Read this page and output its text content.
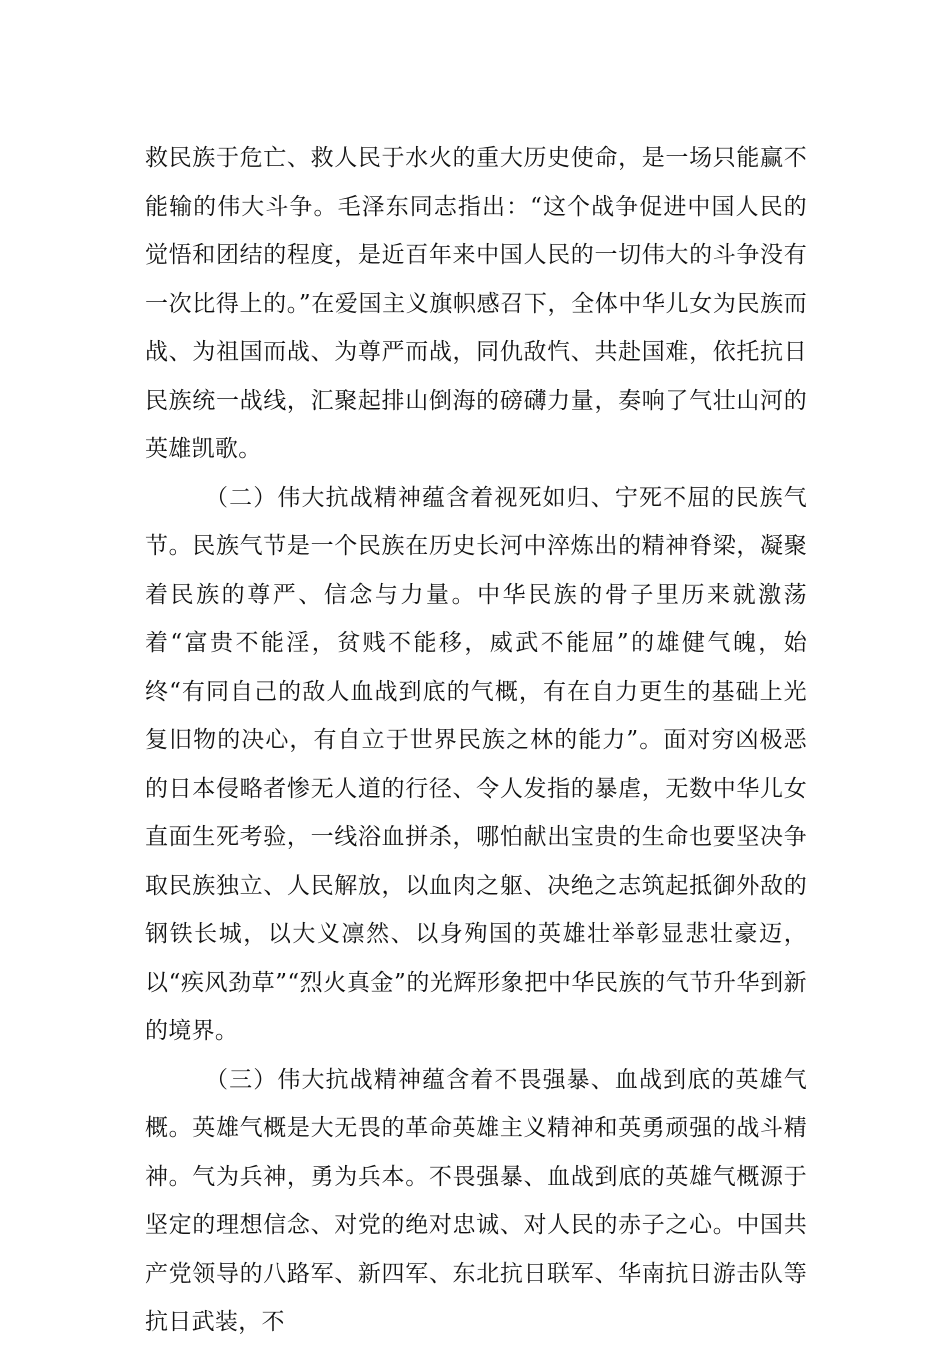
救民族于危亡、救人民于水火的重大历史使命，是一场只能赢不能输的伟大斗争。毛泽东同志指出：“这个战争促进中国人民的觉悟和团结的程度，是近百年来中国人民的一切伟大的斗争没有一次比得上的。”在爱国主义旗帜感召下，全体中华儿女为民族而战、为祖国而战、为尊严而战，同仇敌忾、共赴国难，依托抗日民族统一战线，汇聚起排山倒海的磅礴力量，奏响了气壮山河的英雄凯歌。

（二）伟大抗战精神蕴含着视死如归、宁死不屈的民族气节。民族气节是一个民族在历史长河中淬炼出的精神脊梁，凝聚着民族的尊严、信念与力量。中华民族的骨子里历来就激荡着“富贵不能淫，贫贱不能移，威武不能屈”的雄健气魄，始终“有同自己的敌人血战到底的气概，有在自力更生的基础上光复旧物的决心，有自立于世界民族之林的能力”。面对穷凶极恶的日本侵略者惨无人道的行径、令人发指的暴虐，无数中华儿女直面生死考验，一线浴血拼杀，哪怕献出宝贵的生命也要坚决争取民族独立、人民解放，以血肉之躯、决绝之志筑起抵御外敌的钢铁长城，以大义凛然、以身殉国的英雄壮举彰显悲壮豪迈，以“疾风劲草”“烈火真金”的光辉形象把中华民族的气节升华到新的境界。

（三）伟大抗战精神蕴含着不畏强暴、血战到底的英雄气概。英雄气概是大无畏的革命英雄主义精神和英勇顽强的战斗精神。气为兵神，勇为兵本。不畏强暴、血战到底的英雄气概源于坚定的理想信念、对党的绝对忠诚、对人民的赤子之心。中国共产党领导的八路军、新四军、东北抗日联军、华南抗日游击队等抗日武装，不
